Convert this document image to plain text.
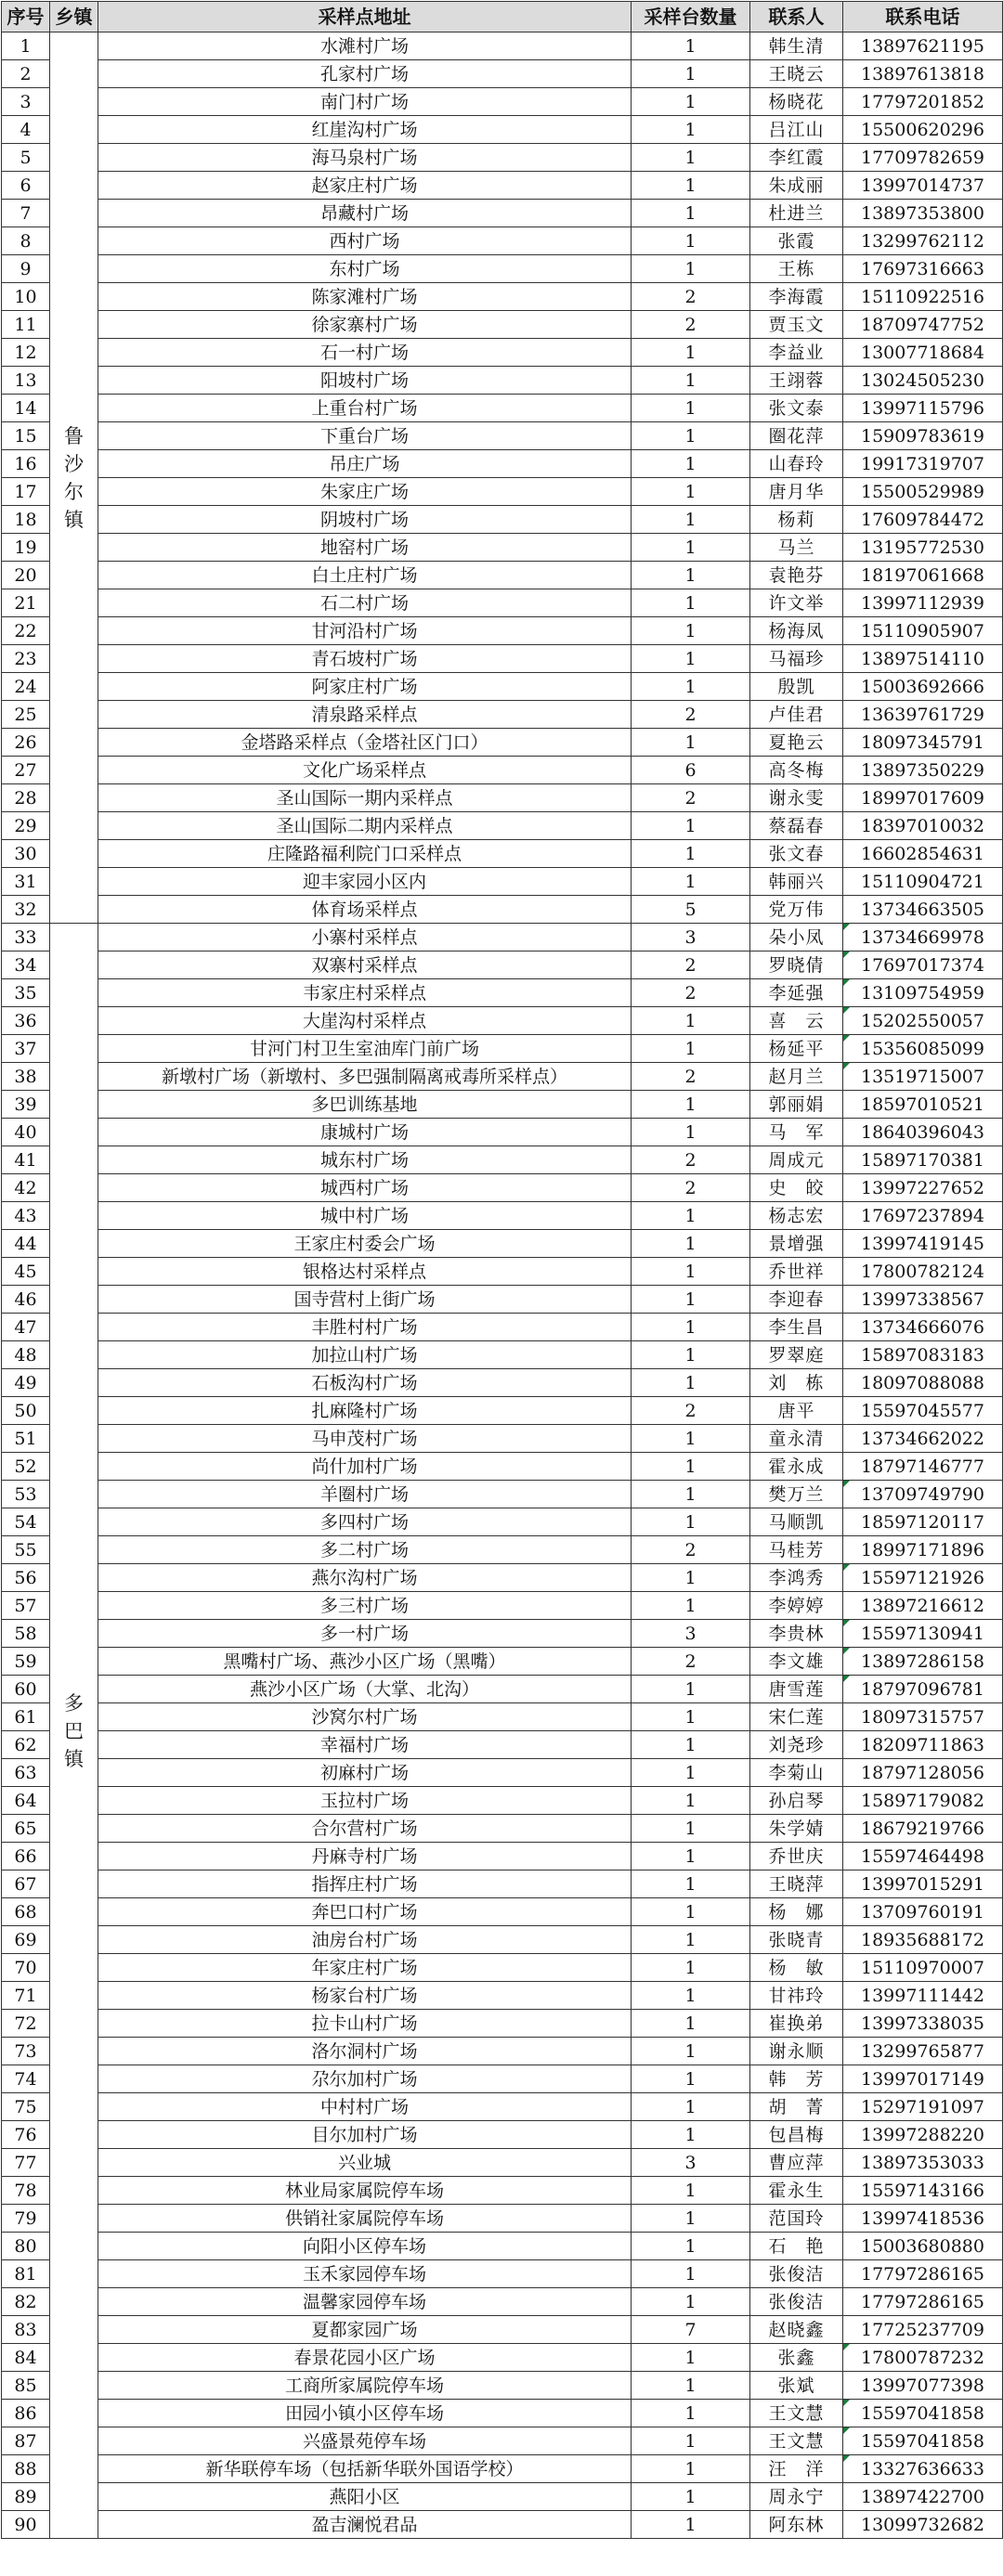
序号	乡镇	采样点地址	采样台数量	联系人	联系电话
1	鲁沙尔镇	水滩村广场	1	韩生清	13897621195
2		孔家村广场	1	王晓云	13897613818
3		南门村广场	1	杨晓花	17797201852
4		红崖沟村广场	1	吕江山	15500620296
5		海马泉村广场	1	李红霞	17709782659
6		赵家庄村广场	1	朱成丽	13997014737
7		昂藏村广场	1	杜进兰	13897353800
8		西村广场	1	张霞	13299762112
9		东村广场	1	王栋	17697316663
10		陈家滩村广场	2	李海霞	15110922516
11		徐家寨村广场	2	贾玉文	18709747752
12		石一村广场	1	李益业	13007718684
13		阳坡村广场	1	王翊蓉	13024505230
14		上重台村广场	1	张文泰	13997115796
15		下重台广场	1	圈花萍	15909783619
16		吊庄广场	1	山春玲	19917319707
17		朱家庄广场	1	唐月华	15500529989
18		阴坡村广场	1	杨莉	17609784472
19		地窑村广场	1	马兰	13195772530
20		白土庄村广场	1	袁艳芬	18197061668
21		石二村广场	1	许文举	13997112939
22		甘河沿村广场	1	杨海凤	15110905907
23		青石坡村广场	1	马福珍	13897514110
24		阿家庄村广场	1	殷凯	15003692666
25		清泉路采样点	2	卢佳君	13639761729
26		金塔路采样点（金塔社区门口）	1	夏艳云	18097345791
27		文化广场采样点	6	高冬梅	13897350229
28		圣山国际一期内采样点	2	谢永雯	18997017609
29		圣山国际二期内采样点	1	蔡磊春	18397010032
30		庄隆路福利院门口采样点	1	张文春	16602854631
31		迎丰家园小区内	1	韩丽兴	15110904721
32		体育场采样点	5	党万伟	13734663505
33	多巴镇	小寨村采样点	3	朵小凤	13734669978
34		双寨村采样点	2	罗晓倩	17697017374
35		韦家庄村采样点	2	李延强	13109754959
36		大崖沟村采样点	1	喜　云	15202550057
37		甘河门村卫生室油库门前广场	1	杨延平	15356085099
38		新墩村广场（新墩村、多巴强制隔离戒毒所采样点）	2	赵月兰	13519715007
39		多巴训练基地	1	郭丽娟	18597010521
40		康城村广场	1	马　军	18640396043
41		城东村广场	2	周成元	15897170381
42		城西村广场	2	史　皎	13997227652
43		城中村广场	1	杨志宏	17697237894
44		王家庄村委会广场	1	景增强	13997419145
45		银格达村采样点	1	乔世祥	17800782124
46		国寺营村上街广场	1	李迎春	13997338567
47		丰胜村村广场	1	李生昌	13734666076
48		加拉山村广场	1	罗翠庭	15897083183
49		石板沟村广场	1	刘　栋	18097088088
50		扎麻隆村广场	2	唐平	15597045577
51		马申茂村广场	1	童永清	13734662022
52		尚什加村广场	1	霍永成	18797146777
53		羊圈村广场	1	樊万兰	13709749790
54		多四村广场	1	马顺凯	18597120117
55		多二村广场	2	马桂芳	18997171896
56		燕尔沟村广场	1	李鸿秀	15597121926
57		多三村广场	1	李婷婷	13897216612
58		多一村广场	3	李贵林	15597130941
59		黑嘴村广场、燕沙小区广场（黑嘴）	2	李文雄	13897286158
60		燕沙小区广场（大掌、北沟）	1	唐雪莲	18797096781
61		沙窝尔村广场	1	宋仁莲	18097315757
62		幸福村广场	1	刘尧珍	18209711863
63		初麻村广场	1	李菊山	18797128056
64		玉拉村广场	1	孙启琴	15897179082
65		合尔营村广场	1	朱学婧	18679219766
66		丹麻寺村广场	1	乔世庆	15597464498
67		指挥庄村广场	1	王晓萍	13997015291
68		奔巴口村广场	1	杨　娜	13709760191
69		油房台村广场	1	张晓青	18935688172
70		年家庄村广场	1	杨　敏	15110970007
71		杨家台村广场	1	甘祎玲	13997111442
72		拉卡山村广场	1	崔换弟	13997338035
73		洛尔洞村广场	1	谢永顺	13299765877
74		尕尔加村广场	1	韩　芳	13997017149
75		中村村广场	1	胡　菁	15297191097
76		目尔加村广场	1	包昌梅	13997288220
77		兴业城	3	曹应萍	13897353033
78		林业局家属院停车场	1	霍永生	15597143166
79		供销社家属院停车场	1	范国玲	13997418536
80		向阳小区停车场	1	石　艳	15003680880
81		玉禾家园停车场	1	张俊洁	17797286165
82		温馨家园停车场	1	张俊洁	17797286165
83		夏都家园广场	7	赵晓鑫	17725237709
84		春景花园小区广场	1	张鑫	17800787232
85		工商所家属院停车场	1	张斌	13997077398
86		田园小镇小区停车场	1	王文慧	15597041858
87		兴盛景苑停车场	1	王文慧	15597041858
88		新华联停车场（包括新华联外国语学校）	1	汪　洋	13327636633
89		燕阳小区	1	周永宁	13897422700
90		盈吉澜悦君品	1	阿东林	13099732682
